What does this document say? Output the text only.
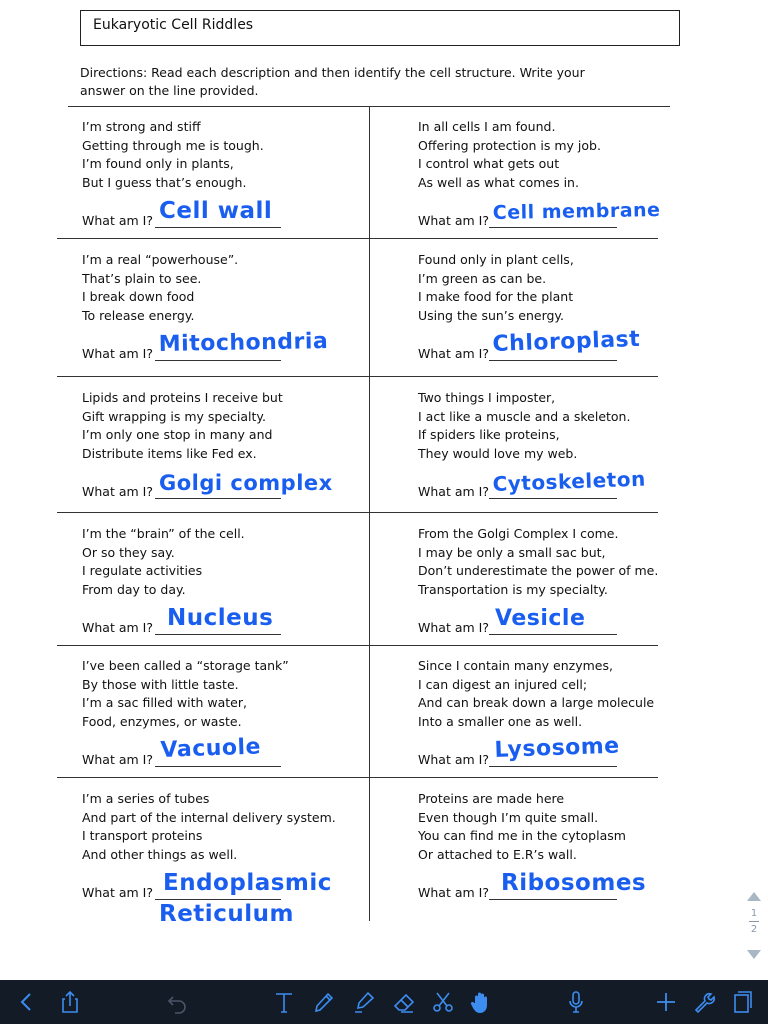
Eukaryotic Cell Riddles
Directions: Read each description and then identify the cell structure. Write your
answer on the line provided.
I’m strong and stiff
Getting through me is tough.
I’m found only in plants,
But I guess that’s enough.
What am I? Cell wall
In all cells I am found.
Offering protection is my job.
I control what gets out
As well as what comes in.
What am I? Cell membrane
I’m a real “powerhouse”.
That’s plain to see.
I break down food
To release energy.
What am I? Mitochondria
Found only in plant cells,
I’m green as can be.
I make food for the plant
Using the sun’s energy.
What am I? Chloroplast
Lipids and proteins I receive but
Gift wrapping is my specialty.
I’m only one stop in many and
Distribute items like Fed ex.
What am I? Golgi complex
Two things I imposter,
I act like a muscle and a skeleton.
If spiders like proteins,
They would love my web.
What am I? Cytoskeleton
I’m the “brain” of the cell.
Or so they say.
I regulate activities
From day to day.
What am I? Nucleus
From the Golgi Complex I come.
I may be only a small sac but,
Don’t underestimate the power of me.
Transportation is my specialty.
What am I? Vesicle
I’ve been called a “storage tank”
By those with little taste.
I’m a sac filled with water,
Food, enzymes, or waste.
What am I? Vacuole
Since I contain many enzymes,
I can digest an injured cell;
And can break down a large molecule
Into a smaller one as well.
What am I? Lysosome
I’m a series of tubes
And part of the internal delivery system.
I transport proteins
And other things as well.
What am I? Endoplasmic
Reticulum
Proteins are made here
Even though I’m quite small.
You can find me in the cytoplasm
Or attached to E.R’s wall.
What am I? Ribosomes
1
2
